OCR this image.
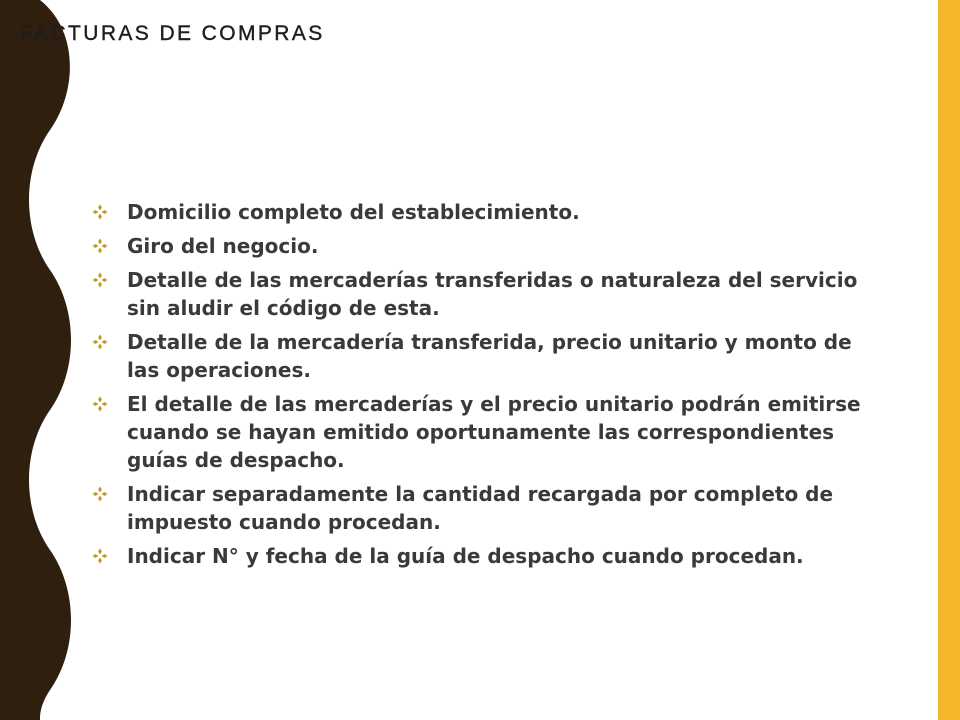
FACTURAS DE COMPRAS
Domicilio completo del establecimiento.
Giro del negocio.
Detalle de las mercaderías transferidas o naturaleza del servicio sin aludir el código de esta.
Detalle de la mercadería transferida, precio unitario y monto de las operaciones.
El detalle de las mercaderías y el precio unitario podrán emitirse cuando se hayan emitido oportunamente las correspondientes guías de despacho.
Indicar separadamente la cantidad recargada por completo de impuesto cuando procedan.
Indicar N° y fecha de la guía de despacho cuando procedan.
